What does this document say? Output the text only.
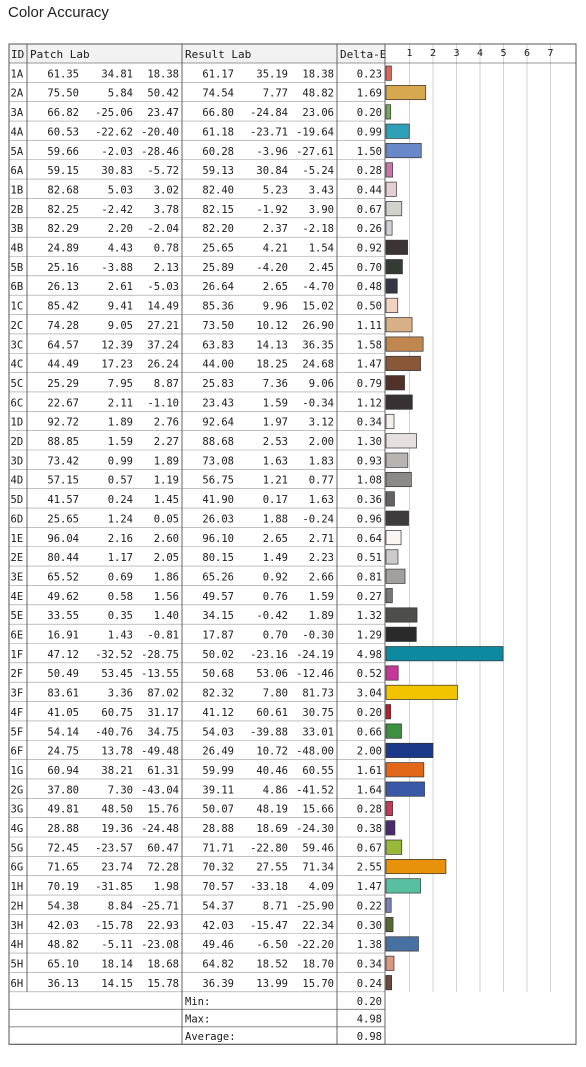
Color Accuracy
1 2 3 4 5 6 7
ID Patch Lab	Result Lab	Delta-E
1A 61.35 34.81 18.38 61.17 35.19 18.38 0.23
2A 75.50	5.84 50.42 74.54	7.77 48.82 1.69
3A 66.82 -25.06 23.47 66.80 -24.84 23.06 0.20
4A 60.53 -22.62 -20.40 61.18 -23.71 -19.64 0.99
5A 59.66 -2.03 -28.46 60.28 -3.96 -27.61 1.50
6A 59.15 30.83 -5.72 59.13 30.84 -5.24 0.28
1B 82.68	5.03 3.02 82.40	5.23 3.43 0.44
2B 82.25 -2.42 3.78 82.15 -1.92 3.90 0.67
3B 82.29	2.20 -2.04 82.20	2.37 -2.18 0.26
4B 24.89	4.43 0.78 25.65	4.21 1.54 0.92
5B 25.16 -3.88 2.13 25.89 -4.20 2.45 0.70
6B 26.13	2.61 -5.03 26.64	2.65 -4.70 0.48
1C 85.42	9.41 14.49 85.36	9.96 15.02 0.50
2C 74.28	9.05 27.21 73.50 10.12 26.90 1.11
3C 64.57 12.39 37.24 63.83 14.13 36.35 1.58
4C 44.49 17.23 26.24 44.00 18.25 24.68 1.47
5C 25.29	7.95 8.87 25.83	7.36 9.06 0.79
6C 22.67	2.11 -1.10 23.43	1.59 -0.34 1.12
1D 92.72	1.89 2.76 92.64	1.97 3.12 0.34
2D 88.85	1.59 2.27 88.68	2.53 2.00 1.30
3D 73.42	0.99 1.89 73.08	1.63 1.83 0.93
4D 57.15	0.57 1.19 56.75	1.21 0.77 1.08
5D 41.57	0.24 1.45 41.90	0.17 1.63 0.36
6D 25.65	1.24 0.05 26.03	1.88 -0.24 0.96
1E 96.04	2.16 2.60 96.10	2.65 2.71 0.64
2E 80.44	1.17 2.05 80.15	1.49 2.23 0.51
3E 65.52	0.69 1.86 65.26	0.92 2.66 0.81
4E 49.62	0.58 1.56 49.57	0.76 1.59 0.27
5E 33.55	0.35 1.40 34.15 -0.42 1.89 1.32
6E 16.91	1.43 -0.81 17.87	0.70 -0.30 1.29
1F 47.12 -32.52 -28.75 50.02 -23.16 -24.19 4.98
2F 50.49 53.45 -13.55 50.68 53.06 -12.46 0.52
3F 83.61	3.36 87.02 82.32	7.80 81.73 3.04
4F 41.05 60.75 31.17 41.12 60.61 30.75 0.20
5F 54.14 -40.76 34.75 54.03 -39.88 33.01 0.66
6F 24.75 13.78 -49.48 26.49 10.72 -48.00 2.00
1G 60.94 38.21 61.31 59.99 40.46 60.55 1.61
2G 37.80	7.30 -43.04 39.11	4.86 -41.52 1.64
3G 49.81 48.50 15.76 50.07 48.19 15.66 0.28
4G 28.88 19.36 -24.48 28.88 18.69 -24.30 0.38
5G 72.45 -23.57 60.47 71.71 -22.80 59.46 0.67
6G 71.65 23.74 72.28 70.32 27.55 71.34 2.55
1H 70.19 -31.85 1.98 70.57 -33.18 4.09 1.47
2H 54.38	8.84 -25.71 54.37	8.71 -25.90 0.22
3H 42.03 -15.78 22.93 42.03 -15.47 22.34 0.30
4H 48.82 -5.11 -23.08 49.46 -6.50 -22.20 1.38
5H 65.10 18.14 18.68 64.82 18.52 18.70 0.34
6H 36.13 14.15 15.78 36.39 13.99 15.70 0.24
Min:	0.20
Max:	4.98
Average:	0.98
